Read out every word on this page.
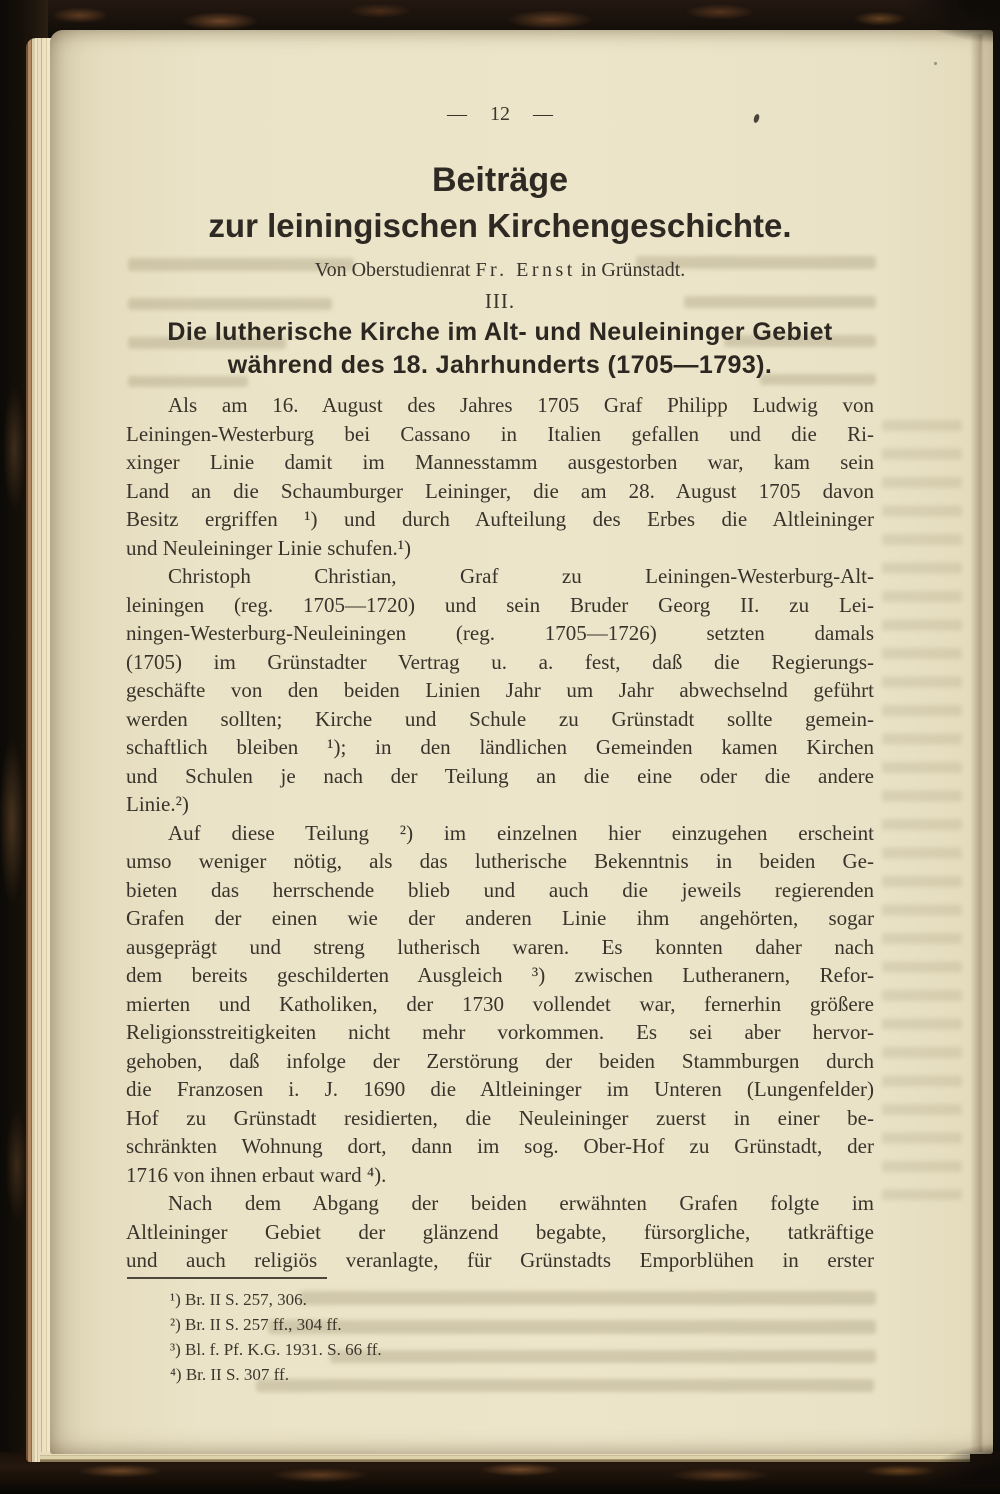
— 12 —
Beiträge
zur leiningischen Kirchengeschichte.
Von Oberstudienrat Fr. Ernst in Grünstadt.
III.
Die lutherische Kirche im Alt- und Neuleininger Gebiet
während des 18. Jahrhunderts (1705—1793).
Als am 16. August des Jahres 1705 Graf Philipp Ludwig von
Leiningen-Westerburg bei Cassano in Italien gefallen und die Ri-
xinger Linie damit im Mannesstamm ausgestorben war, kam sein
Land an die Schaumburger Leininger, die am 28. August 1705 davon
Besitz ergriffen ¹) und durch Aufteilung des Erbes die Altleininger
und Neuleininger Linie schufen.¹)
Christoph Christian, Graf zu Leiningen-Westerburg-Alt-
leiningen (reg. 1705—1720) und sein Bruder Georg II. zu Lei-
ningen-Westerburg-Neuleiningen (reg. 1705—1726) setzten damals
(1705) im Grünstadter Vertrag u. a. fest, daß die Regierungs-
geschäfte von den beiden Linien Jahr um Jahr abwechselnd geführt
werden sollten; Kirche und Schule zu Grünstadt sollte gemein-
schaftlich bleiben ¹); in den ländlichen Gemeinden kamen Kirchen
und Schulen je nach der Teilung an die eine oder die andere
Linie.²)
Auf diese Teilung ²) im einzelnen hier einzugehen erscheint
umso weniger nötig, als das lutherische Bekenntnis in beiden Ge-
bieten das herrschende blieb und auch die jeweils regierenden
Grafen der einen wie der anderen Linie ihm angehörten, sogar
ausgeprägt und streng lutherisch waren. Es konnten daher nach
dem bereits geschilderten Ausgleich ³) zwischen Lutheranern, Refor-
mierten und Katholiken, der 1730 vollendet war, fernerhin größere
Religionsstreitigkeiten nicht mehr vorkommen. Es sei aber hervor-
gehoben, daß infolge der Zerstörung der beiden Stammburgen durch
die Franzosen i. J. 1690 die Altleininger im Unteren (Lungenfelder)
Hof zu Grünstadt residierten, die Neuleininger zuerst in einer be-
schränkten Wohnung dort, dann im sog. Ober-Hof zu Grünstadt, der
1716 von ihnen erbaut ward ⁴).
Nach dem Abgang der beiden erwähnten Grafen folgte im
Altleininger Gebiet der glänzend begabte, fürsorgliche, tatkräftige
und auch religiös veranlagte, für Grünstadts Emporblühen in erster
¹) Br. II S. 257, 306.
²) Br. II S. 257 ff., 304 ff.
³) Bl. f. Pf. K.G. 1931. S. 66 ff.
⁴) Br. II S. 307 ff.
